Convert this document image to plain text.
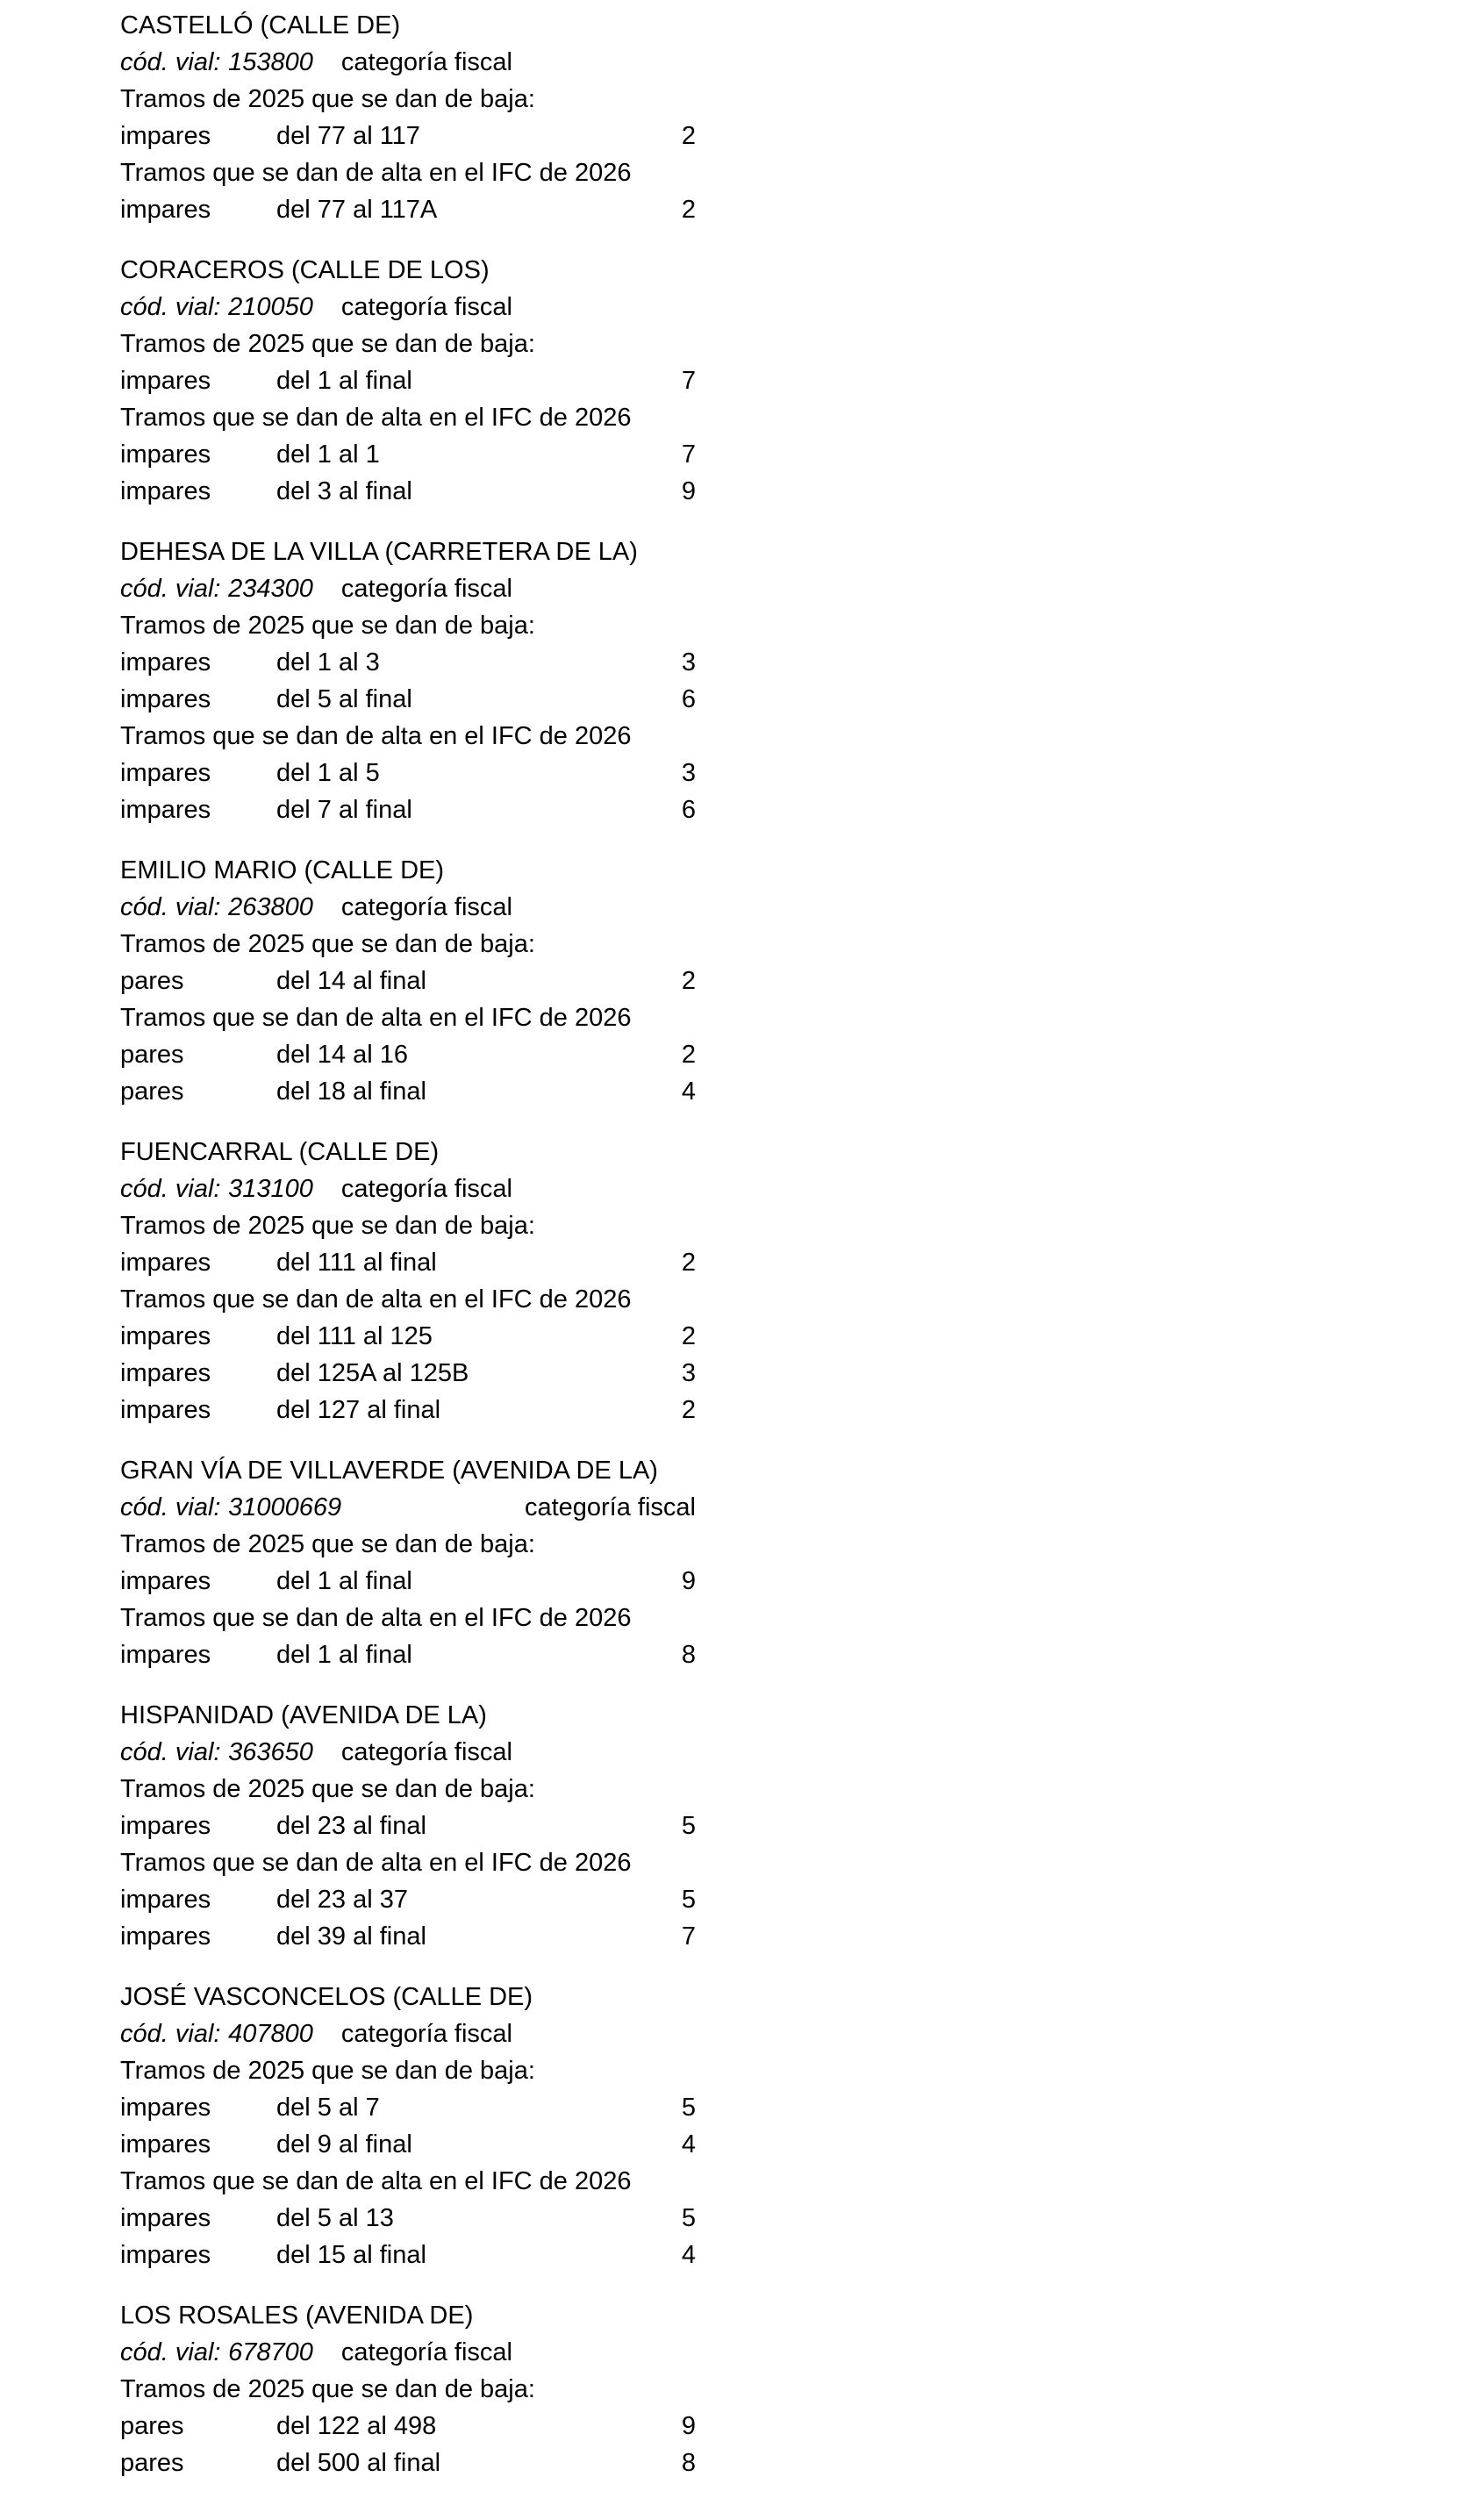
CASTELLÓ (CALLE DE)
cód. vial: 153800 categoría fiscal
Tramos de 2025 que se dan de baja:
impares	del 77 al 117	2
Tramos que se dan de alta en el IFC de 2026
impares	del 77 al 117A	2
CORACEROS (CALLE DE LOS)
cód. vial: 210050 categoría fiscal
Tramos de 2025 que se dan de baja:
impares	del 1 al final	7
Tramos que se dan de alta en el IFC de 2026
impares	del 1 al 1	7
impares	del 3 al final	9
DEHESA DE LA VILLA (CARRETERA DE LA)
cód. vial: 234300 categoría fiscal
Tramos de 2025 que se dan de baja:
impares	del 1 al 3	3
impares	del 5 al final	6
Tramos que se dan de alta en el IFC de 2026
impares	del 1 al 5	3
impares	del 7 al final	6
EMILIO MARIO (CALLE DE)
cód. vial: 263800 categoría fiscal
Tramos de 2025 que se dan de baja:
pares	del 14 al final	2
Tramos que se dan de alta en el IFC de 2026
pares	del 14 al 16	2
pares	del 18 al final	4
FUENCARRAL (CALLE DE)
cód. vial: 313100 categoría fiscal
Tramos de 2025 que se dan de baja:
impares	del 111 al final	2
Tramos que se dan de alta en el IFC de 2026
impares	del 111 al 125	2
impares	del 125A al 125B	3
impares	del 127 al final	2
GRAN VÍA DE VILLAVERDE (AVENIDA DE LA)
cód. vial: 31000669	categoría fiscal
Tramos de 2025 que se dan de baja:
impares	del 1 al final	9
Tramos que se dan de alta en el IFC de 2026
impares	del 1 al final	8
HISPANIDAD (AVENIDA DE LA)
cód. vial: 363650 categoría fiscal
Tramos de 2025 que se dan de baja:
impares	del 23 al final	5
Tramos que se dan de alta en el IFC de 2026
impares	del 23 al 37	5
impares	del 39 al final	7
JOSÉ VASCONCELOS (CALLE DE)
cód. vial: 407800 categoría fiscal
Tramos de 2025 que se dan de baja:
impares	del 5 al 7	5
impares	del 9 al final	4
Tramos que se dan de alta en el IFC de 2026
impares	del 5 al 13	5
impares	del 15 al final	4
LOS ROSALES (AVENIDA DE)
cód. vial: 678700 categoría fiscal
Tramos de 2025 que se dan de baja:
pares	del 122 al 498	9
pares	del 500 al final	8
